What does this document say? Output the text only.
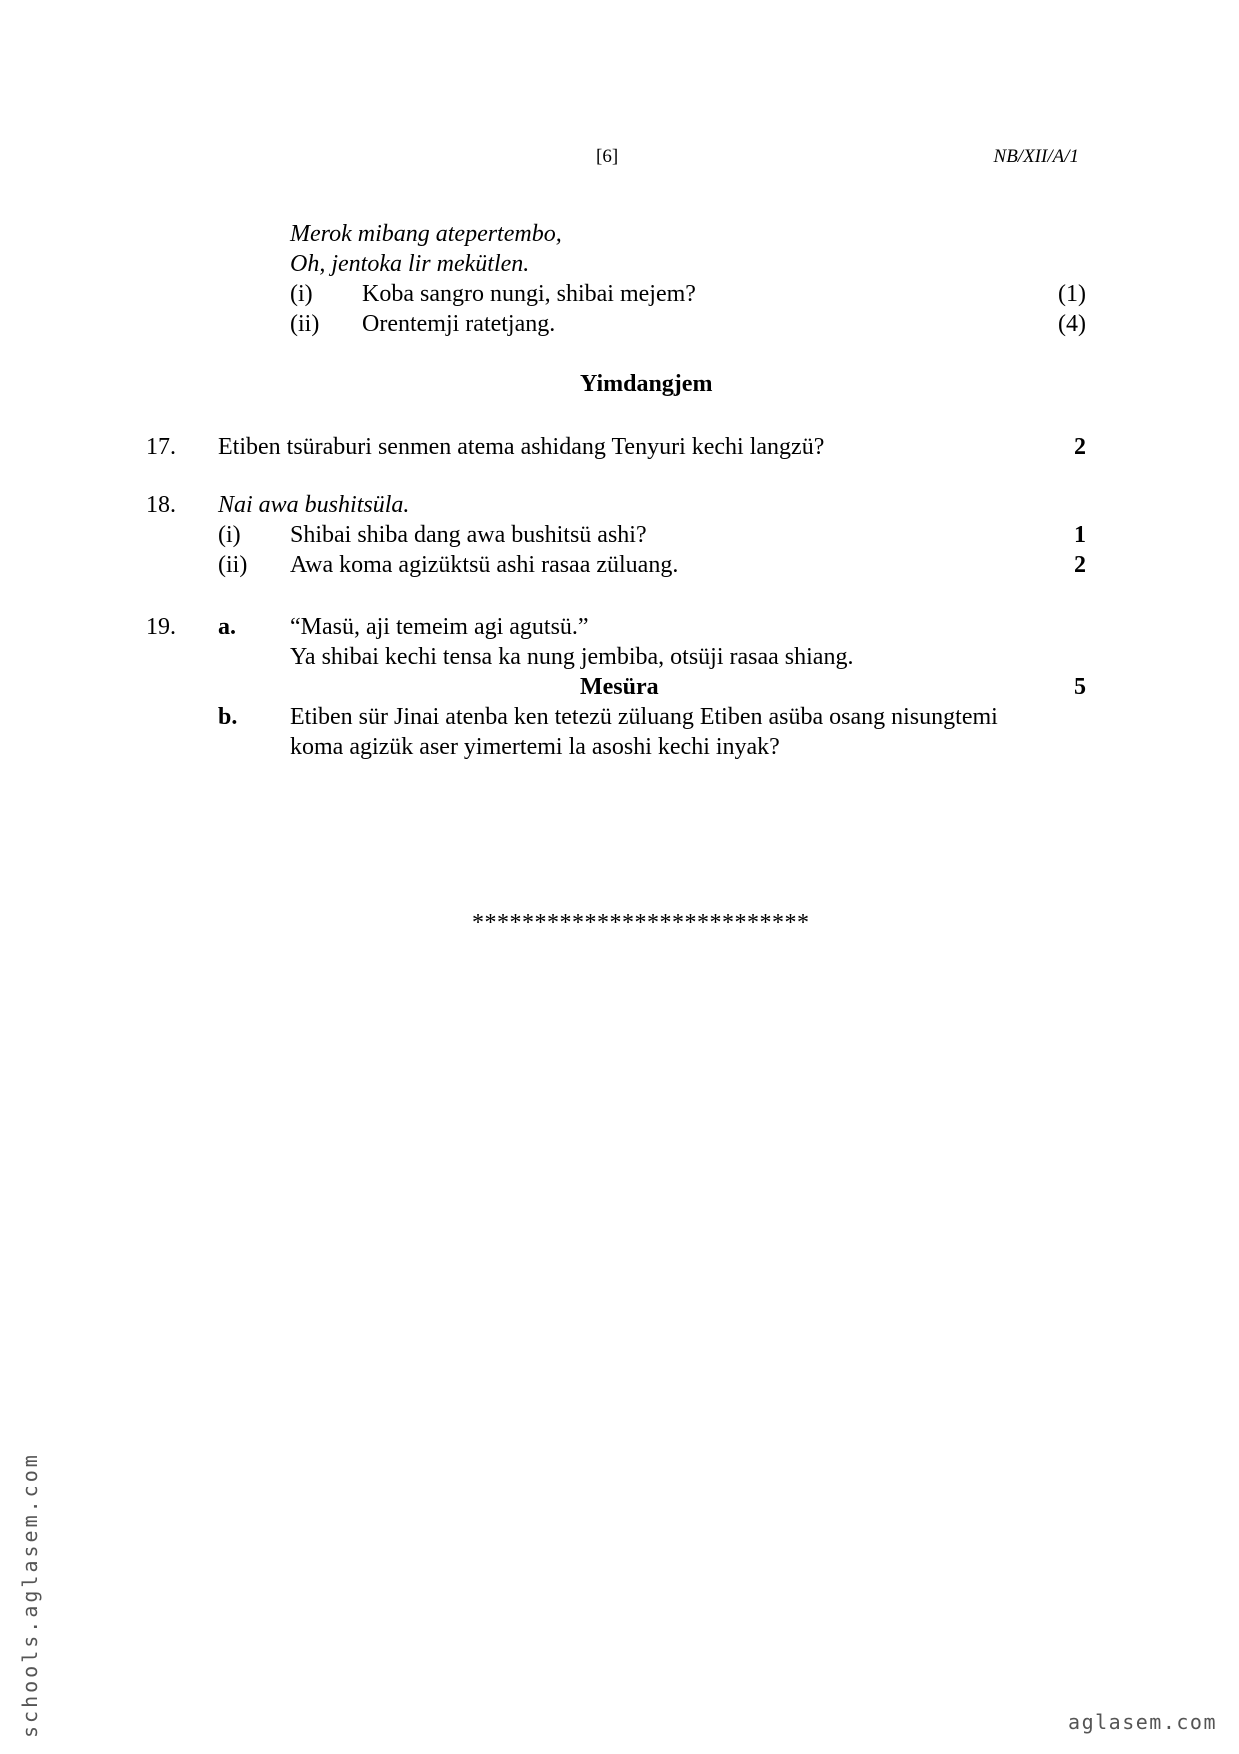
[6]	NB/XII/A/1
Merok mibang atepertembo,
Oh, jentoka lir mekütlen.
(i) Koba sangro nungi, shibai mejem?	(1)
(ii) Orentemji ratetjang.	(4)
Yimdangjem
17. Etiben tsüraburi senmen atema ashidang Tenyuri kechi langzü?	2
18. Nai awa bushitsüla.
(i) Shibai shiba dang awa bushitsü ashi?	1
(ii) Awa koma agizüktsü ashi rasaa züluang.	2
19. a. “Masü, aji temeim agi agutsü.”
Ya shibai kechi tensa ka nung jembiba, otsüji rasaa shiang.
Mesüra	5
b. Etiben sür Jinai atenba ken tetezü züluang Etiben asüba osang nisungtemi
koma agizük aser yimertemi la asoshi kechi inyak?
***************************
schools.aglasem.com	aglasem.com
